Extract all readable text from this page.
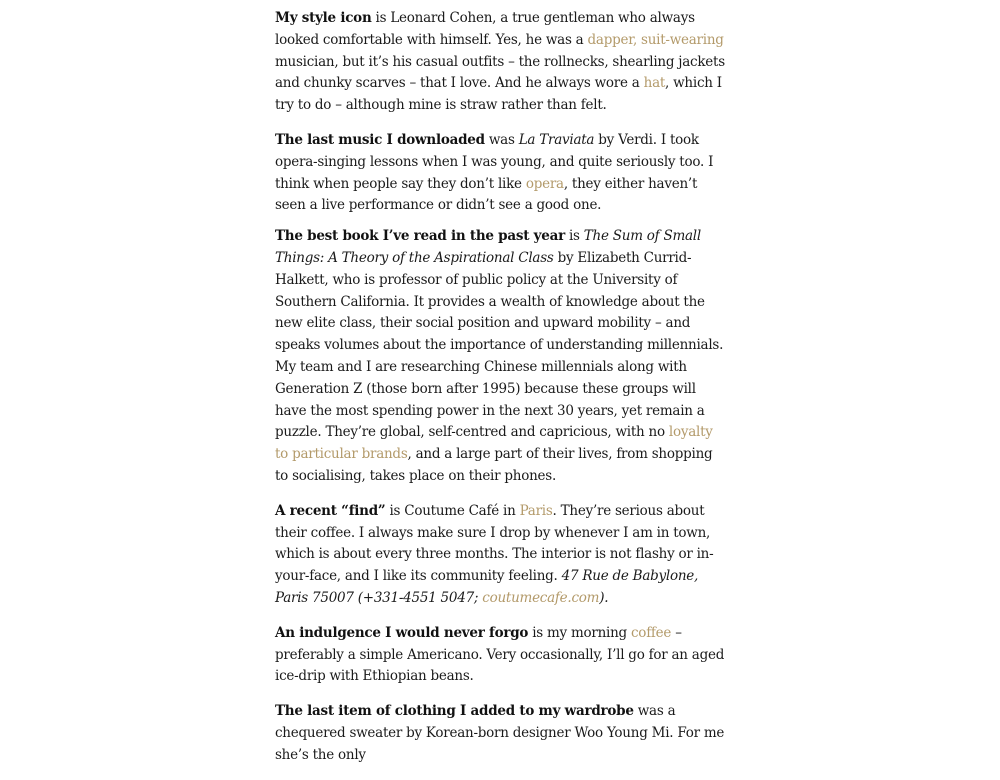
My style icon is Leonard Cohen, a true gentleman who always looked comfortable with himself. Yes, he was a dapper, suit-wearing musician, but it’s his casual outfits – the rollnecks, shearling jackets and chunky scarves – that I love. And he always wore a hat, which I try to do – although mine is straw rather than felt.

The last music I downloaded was La Traviata by Verdi. I took opera-singing lessons when I was young, and quite seriously too. I think when people say they don’t like opera, they either haven’t seen a live performance or didn’t see a good one.

The best book I’ve read in the past year is The Sum of Small Things: A Theory of the Aspirational Class by Elizabeth Currid-Halkett, who is professor of public policy at the University of Southern California. It provides a wealth of knowledge about the new elite class, their social position and upward mobility – and speaks volumes about the importance of understanding millennials. My team and I are researching Chinese millennials along with Generation Z (those born after 1995) because these groups will have the most spending power in the next 30 years, yet remain a puzzle. They’re global, self-centred and capricious, with no loyalty to particular brands, and a large part of their lives, from shopping to socialising, takes place on their phones.

A recent “find” is Coutume Café in Paris. They’re serious about their coffee. I always make sure I drop by whenever I am in town, which is about every three months. The interior is not flashy or in-your-face, and I like its community feeling. 47 Rue de Babylone, Paris 75007 (+331-4551 5047; coutumecafe.com).

An indulgence I would never forgo is my morning coffee – preferably a simple Americano. Very occasionally, I’ll go for an aged ice-drip with Ethiopian beans.

The last item of clothing I added to my wardrobe was a chequered sweater by Korean-born designer Woo Young Mi. For me she’s the only
